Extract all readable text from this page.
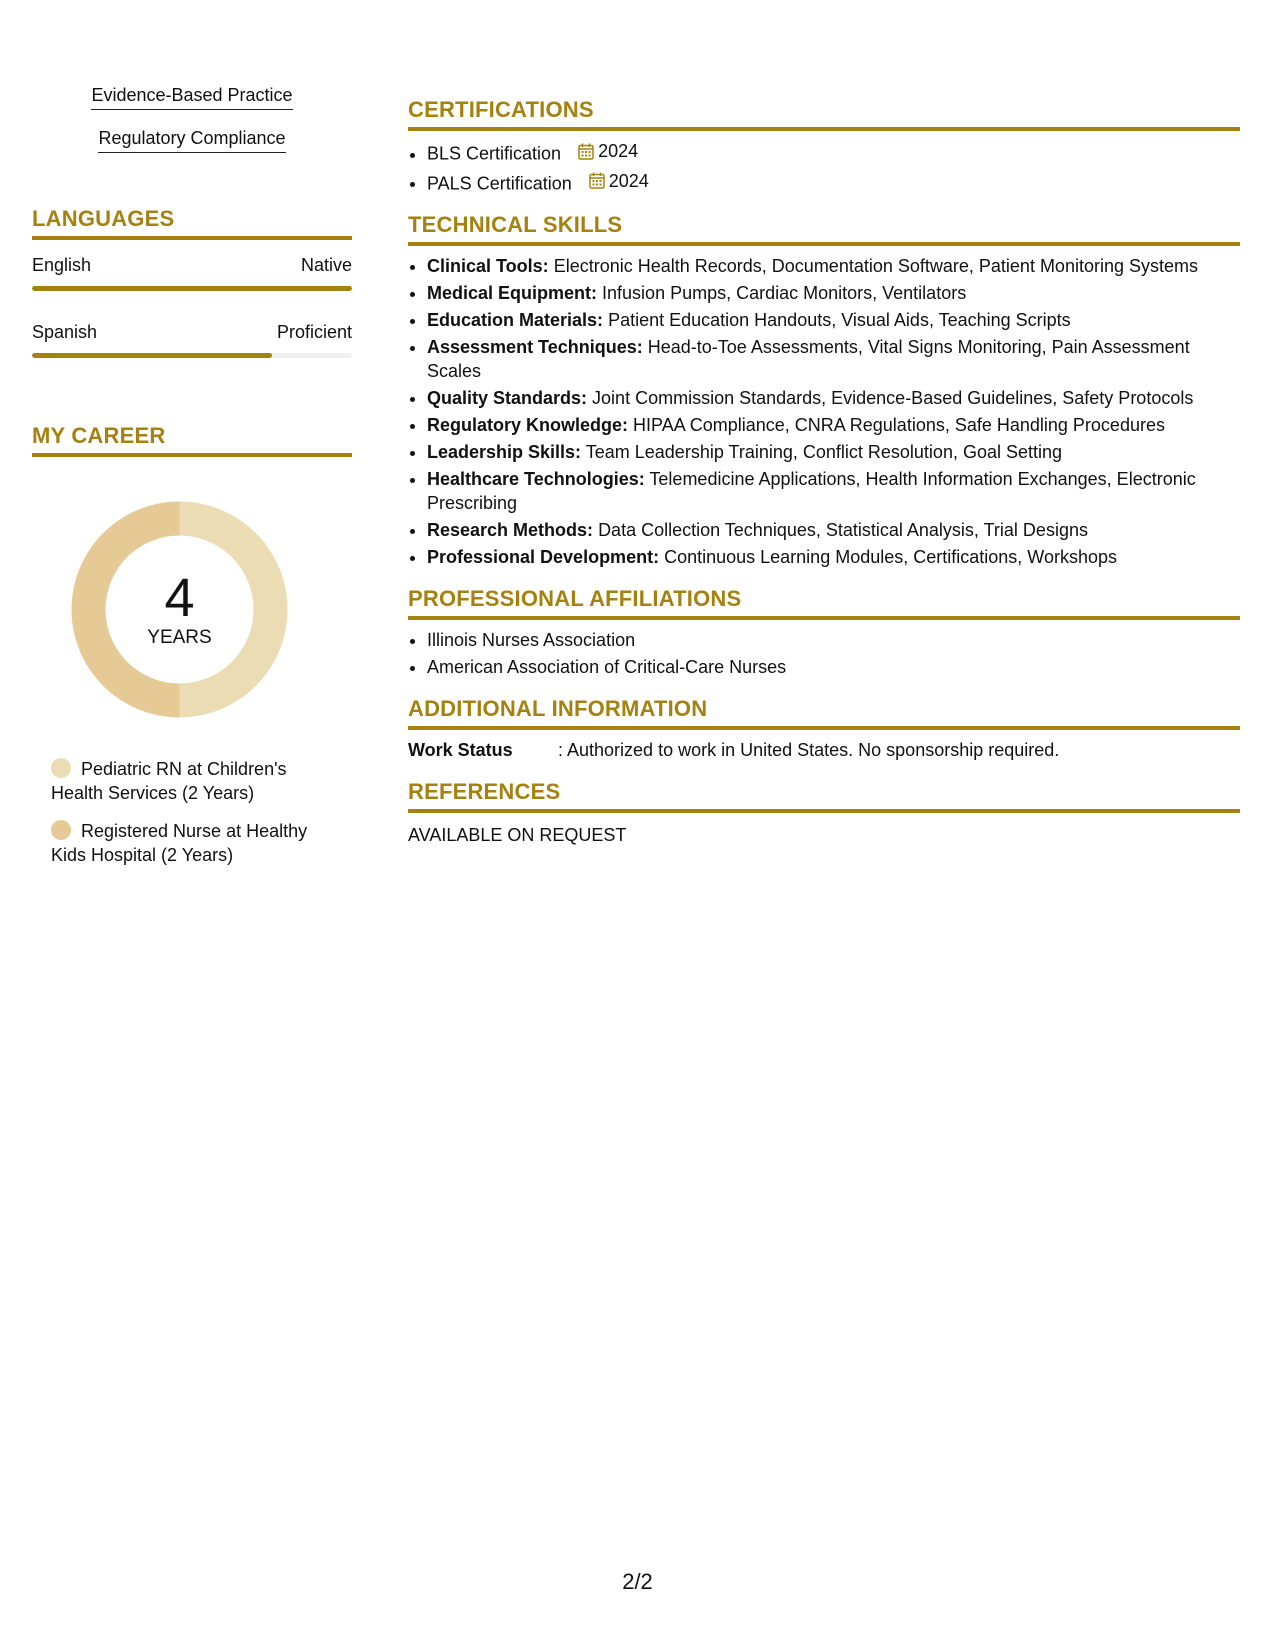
Evidence-Based Practice
Regulatory Compliance
LANGUAGES
English	Native
Spanish	Proficient
MY CAREER
4
YEARS
Pediatric RN at Children's Health Services (2 Years)
Registered Nurse at Healthy Kids Hospital (2 Years)
CERTIFICATIONS
• BLS Certification 2024
• PALS Certification 2024
TECHNICAL SKILLS
• Clinical Tools: Electronic Health Records, Documentation Software, Patient Monitoring Systems
• Medical Equipment: Infusion Pumps, Cardiac Monitors, Ventilators
• Education Materials: Patient Education Handouts, Visual Aids, Teaching Scripts
• Assessment Techniques: Head-to-Toe Assessments, Vital Signs Monitoring, Pain Assessment Scales
• Quality Standards: Joint Commission Standards, Evidence-Based Guidelines, Safety Protocols
• Regulatory Knowledge: HIPAA Compliance, CNRA Regulations, Safe Handling Procedures
• Leadership Skills: Team Leadership Training, Conflict Resolution, Goal Setting
• Healthcare Technologies: Telemedicine Applications, Health Information Exchanges, Electronic Prescribing
• Research Methods: Data Collection Techniques, Statistical Analysis, Trial Designs
• Professional Development: Continuous Learning Modules, Certifications, Workshops
PROFESSIONAL AFFILIATIONS
• Illinois Nurses Association
• American Association of Critical-Care Nurses
ADDITIONAL INFORMATION
Work Status	: Authorized to work in United States. No sponsorship required.
REFERENCES
AVAILABLE ON REQUEST
2/2
